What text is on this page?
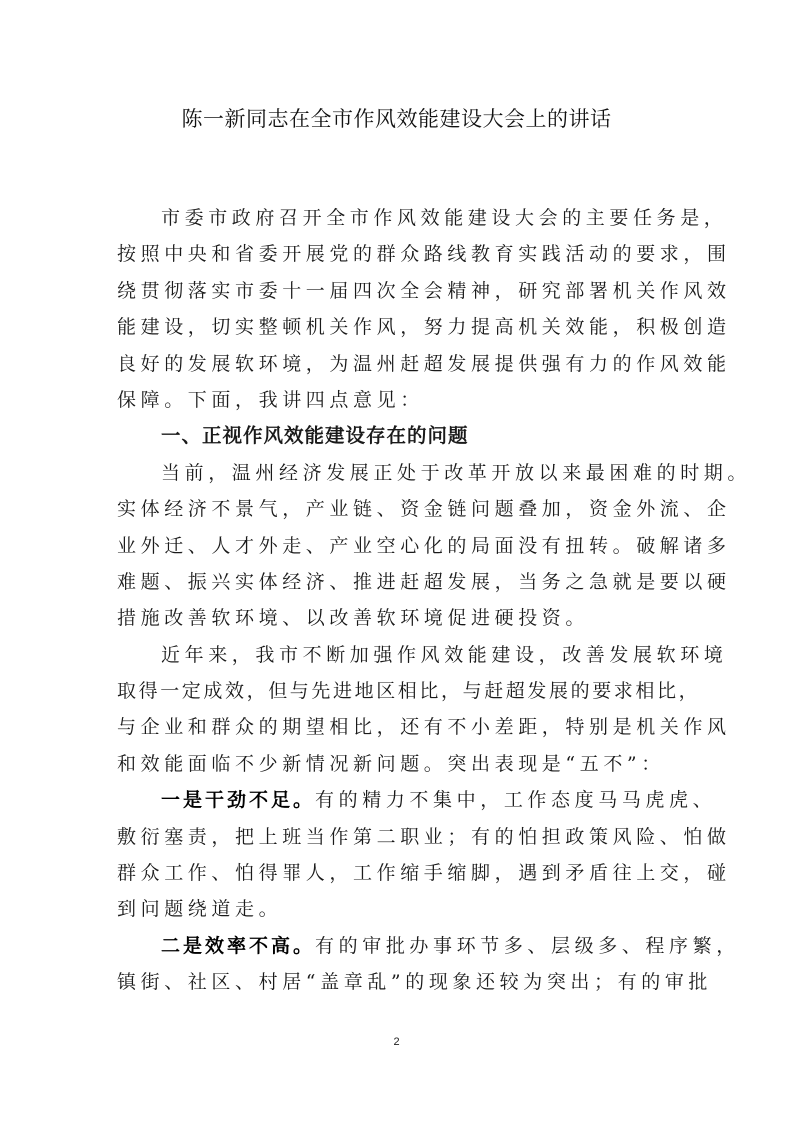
陈一新同志在全市作风效能建设大会上的讲话
市委市政府召开全市作风效能建设大会的主要任务是，
按照中央和省委开展党的群众路线教育实践活动的要求，围
绕贯彻落实市委十一届四次全会精神，研究部署机关作风效
能建设，切实整顿机关作风，努力提高机关效能，积极创造
良好的发展软环境，为温州赶超发展提供强有力的作风效能
保障。下面，我讲四点意见：
一、正视作风效能建设存在的问题
当前，温州经济发展正处于改革开放以来最困难的时期。
实体经济不景气，产业链、资金链问题叠加，资金外流、企
业外迁、人才外走、产业空心化的局面没有扭转。破解诸多
难题、振兴实体经济、推进赶超发展，当务之急就是要以硬
措施改善软环境、以改善软环境促进硬投资。
近年来，我市不断加强作风效能建设，改善发展软环境
取得一定成效，但与先进地区相比，与赶超发展的要求相比，
与企业和群众的期望相比，还有不小差距，特别是机关作风
和效能面临不少新情况新问题。突出表现是“五不”：
一是干劲不足。有的精力不集中，工作态度马马虎虎、
敷衍塞责，把上班当作第二职业；有的怕担政策风险、怕做
群众工作、怕得罪人，工作缩手缩脚，遇到矛盾往上交，碰
到问题绕道走。
二是效率不高。有的审批办事环节多、层级多、程序繁，
镇街、社区、村居“盖章乱”的现象还较为突出；有的审批
2
